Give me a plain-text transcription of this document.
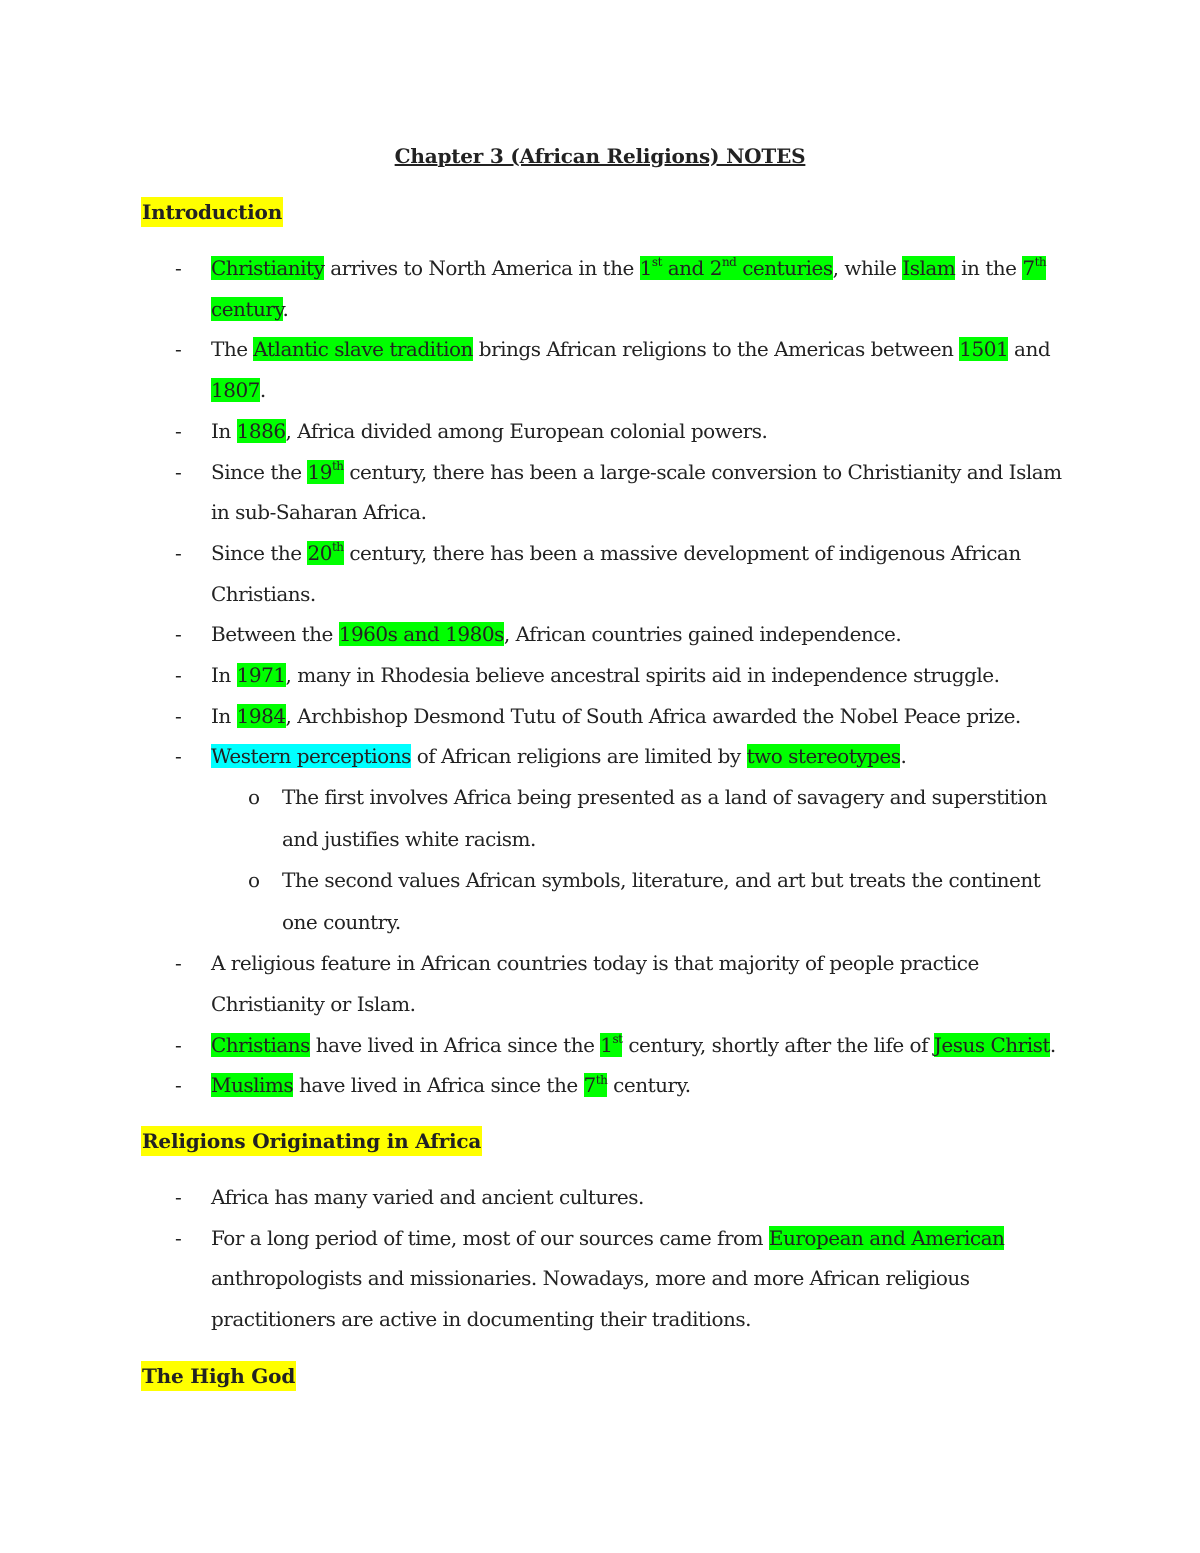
Chapter 3 (African Religions) NOTES
Introduction
- Christianity arrives to North America in the 1st and 2nd centuries, while Islam in the 7th century.
- The Atlantic slave tradition brings African religions to the Americas between 1501 and 1807.
- In 1886, Africa divided among European colonial powers.
- Since the 19th century, there has been a large-scale conversion to Christianity and Islam in sub-Saharan Africa.
- Since the 20th century, there has been a massive development of indigenous African Christians.
- Between the 1960s and 1980s, African countries gained independence.
- In 1971, many in Rhodesia believe ancestral spirits aid in independence struggle.
- In 1984, Archbishop Desmond Tutu of South Africa awarded the Nobel Peace prize.
- Western perceptions of African religions are limited by two stereotypes.
o The first involves Africa being presented as a land of savagery and superstition and justifies white racism.
o The second values African symbols, literature, and art but treats the continent one country.
- A religious feature in African countries today is that majority of people practice Christianity or Islam.
- Christians have lived in Africa since the 1st century, shortly after the life of Jesus Christ.
- Muslims have lived in Africa since the 7th century.
Religions Originating in Africa
- Africa has many varied and ancient cultures.
- For a long period of time, most of our sources came from European and American anthropologists and missionaries. Nowadays, more and more African religious practitioners are active in documenting their traditions.
The High God
